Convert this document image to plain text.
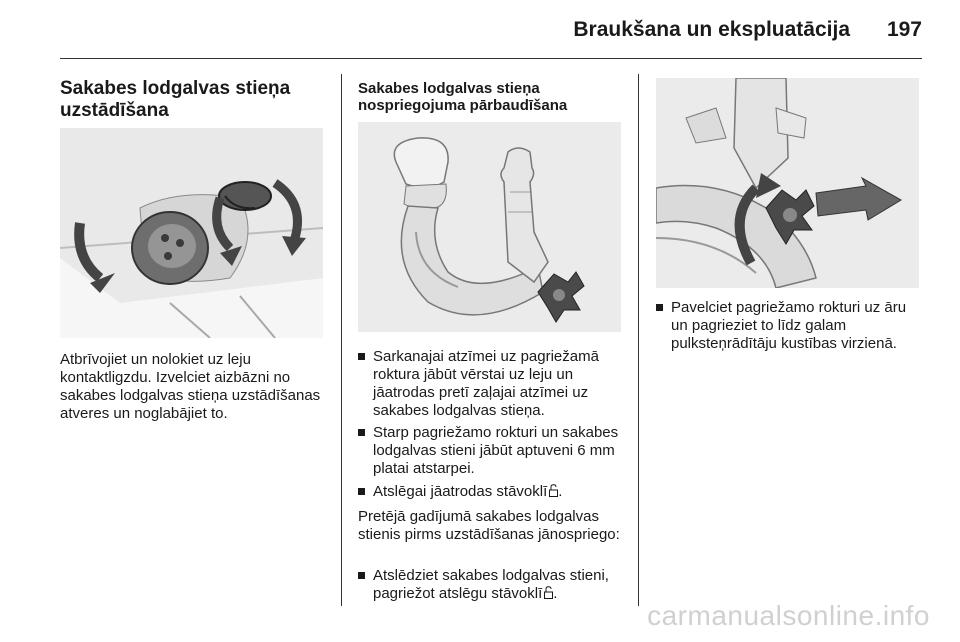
Braukšana un ekspluatācija	197
Sakabes lodgalvas stieņa uzstādīšana

Atbrīvojiet un nolokiet uz leju kontaktligzdu. Izvelciet aizbāzni no sakabes lodgalvas stieņa uzstādīšanas atveres un noglabājiet to.

Sakabes lodgalvas stieņa nospriegojuma pārbaudīšana
Sarkanajai atzīmei uz pagriežamā roktura jābūt vērstai uz leju un jāatrodas pretī zaļajai atzīmei uz sakabes lodgalvas stieņa.
Starp pagriežamo rokturi un sakabes lodgalvas stieni jābūt aptuveni 6 mm platai atstarpei.
Atslēgai jāatrodas stāvoklī .

Pretējā gadījumā sakabes lodgalvas stienis pirms uzstādīšanas jānospriego:

Atslēdziet sakabes lodgalvas stieni, pagriežot atslēgu stāvoklī .
Pavelciet pagriežamo rokturi uz āru un pagrieziet to līdz galam pulksteņrādītāju kustības virzienā.
carmanualsonline.info
